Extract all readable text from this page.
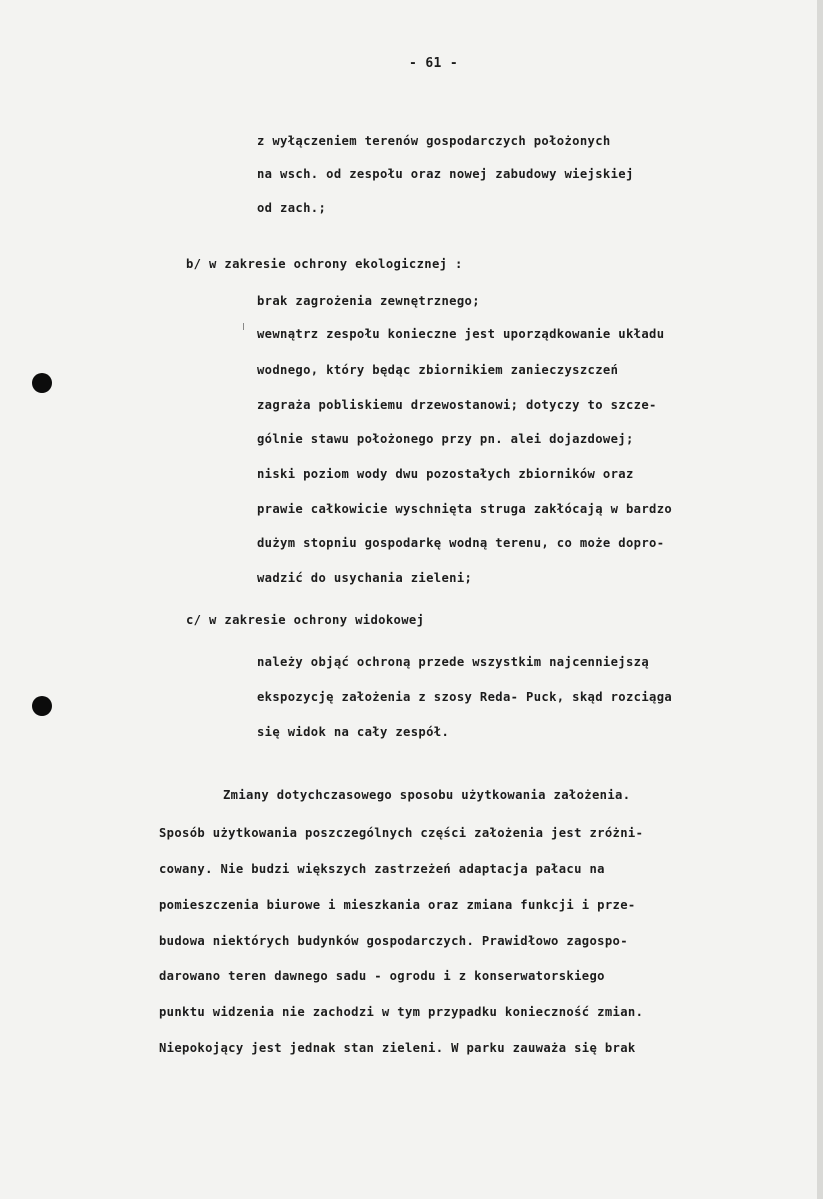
- 61 -
z wyłączeniem terenów gospodarczych położonych
na wsch. od zespołu oraz nowej zabudowy wiejskiej
od zach.;
b/ w zakresie ochrony ekologicznej :
brak zagrożenia zewnętrznego;
wewnątrz zespołu konieczne jest uporządkowanie układu
wodnego, który będąc zbiornikiem zanieczyszczeń
zagraża pobliskiemu drzewostanowi; dotyczy to szcze-
gólnie stawu położonego przy pn. alei dojazdowej;
niski poziom wody dwu pozostałych zbiorników oraz
prawie całkowicie wyschnięta struga zakłócają w bardzo
dużym stopniu gospodarkę wodną terenu, co może dopro-
wadzić do usychania zieleni;
c/ w zakresie ochrony widokowej
należy objąć ochroną przede wszystkim najcenniejszą
ekspozycję założenia z szosy Reda- Puck, skąd rozciąga
się widok na cały zespół.
Zmiany dotychczasowego sposobu użytkowania założenia.
Sposób użytkowania poszczególnych części założenia jest zróżni-
cowany. Nie budzi większych zastrzeżeń adaptacja pałacu na
pomieszczenia biurowe i mieszkania oraz zmiana funkcji i prze-
budowa niektórych budynków gospodarczych. Prawidłowo zagospo-
darowano teren dawnego sadu - ogrodu i z konserwatorskiego
punktu widzenia nie zachodzi w tym przypadku konieczność zmian.
Niepokojący jest jednak stan zieleni. W parku zauważa się brak
